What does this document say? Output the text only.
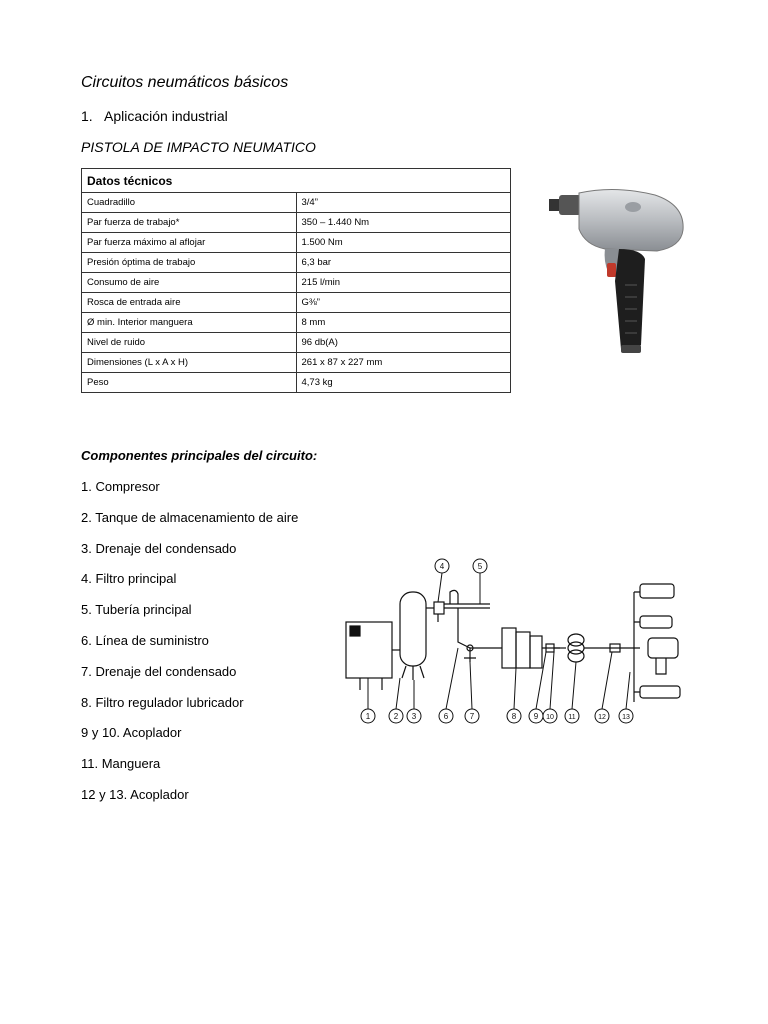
Circuitos neumáticos básicos
1. Aplicación industrial
PISTOLA DE IMPACTO NEUMATICO
Datos técnicos	
Cuadradillo	3/4”
Par fuerza de trabajo*	350 – 1.440 Nm
Par fuerza máximo al aflojar	1.500 Nm
Presión óptima de trabajo	6,3 bar
Consumo de aire	215 l/min
Rosca de entrada aire	G⅜”
Ø min. Interior manguera	8 mm
Nivel de ruido	96 db(A)
Dimensiones (L x A x H)	261 x 87 x 227 mm
Peso	4,73 kg
Componentes principales del circuito:
1. Compresor
2. Tanque de almacenamiento de aire
3. Drenaje del condensado
4. Filtro principal
5. Tubería principal
6. Línea de suministro
7. Drenaje del condensado
8. Filtro regulador lubricador
9 y 10. Acoplador
11. Manguera
12 y 13. Acoplador
1	2 3
4	5
6	7	8 9 10 11	12 13
